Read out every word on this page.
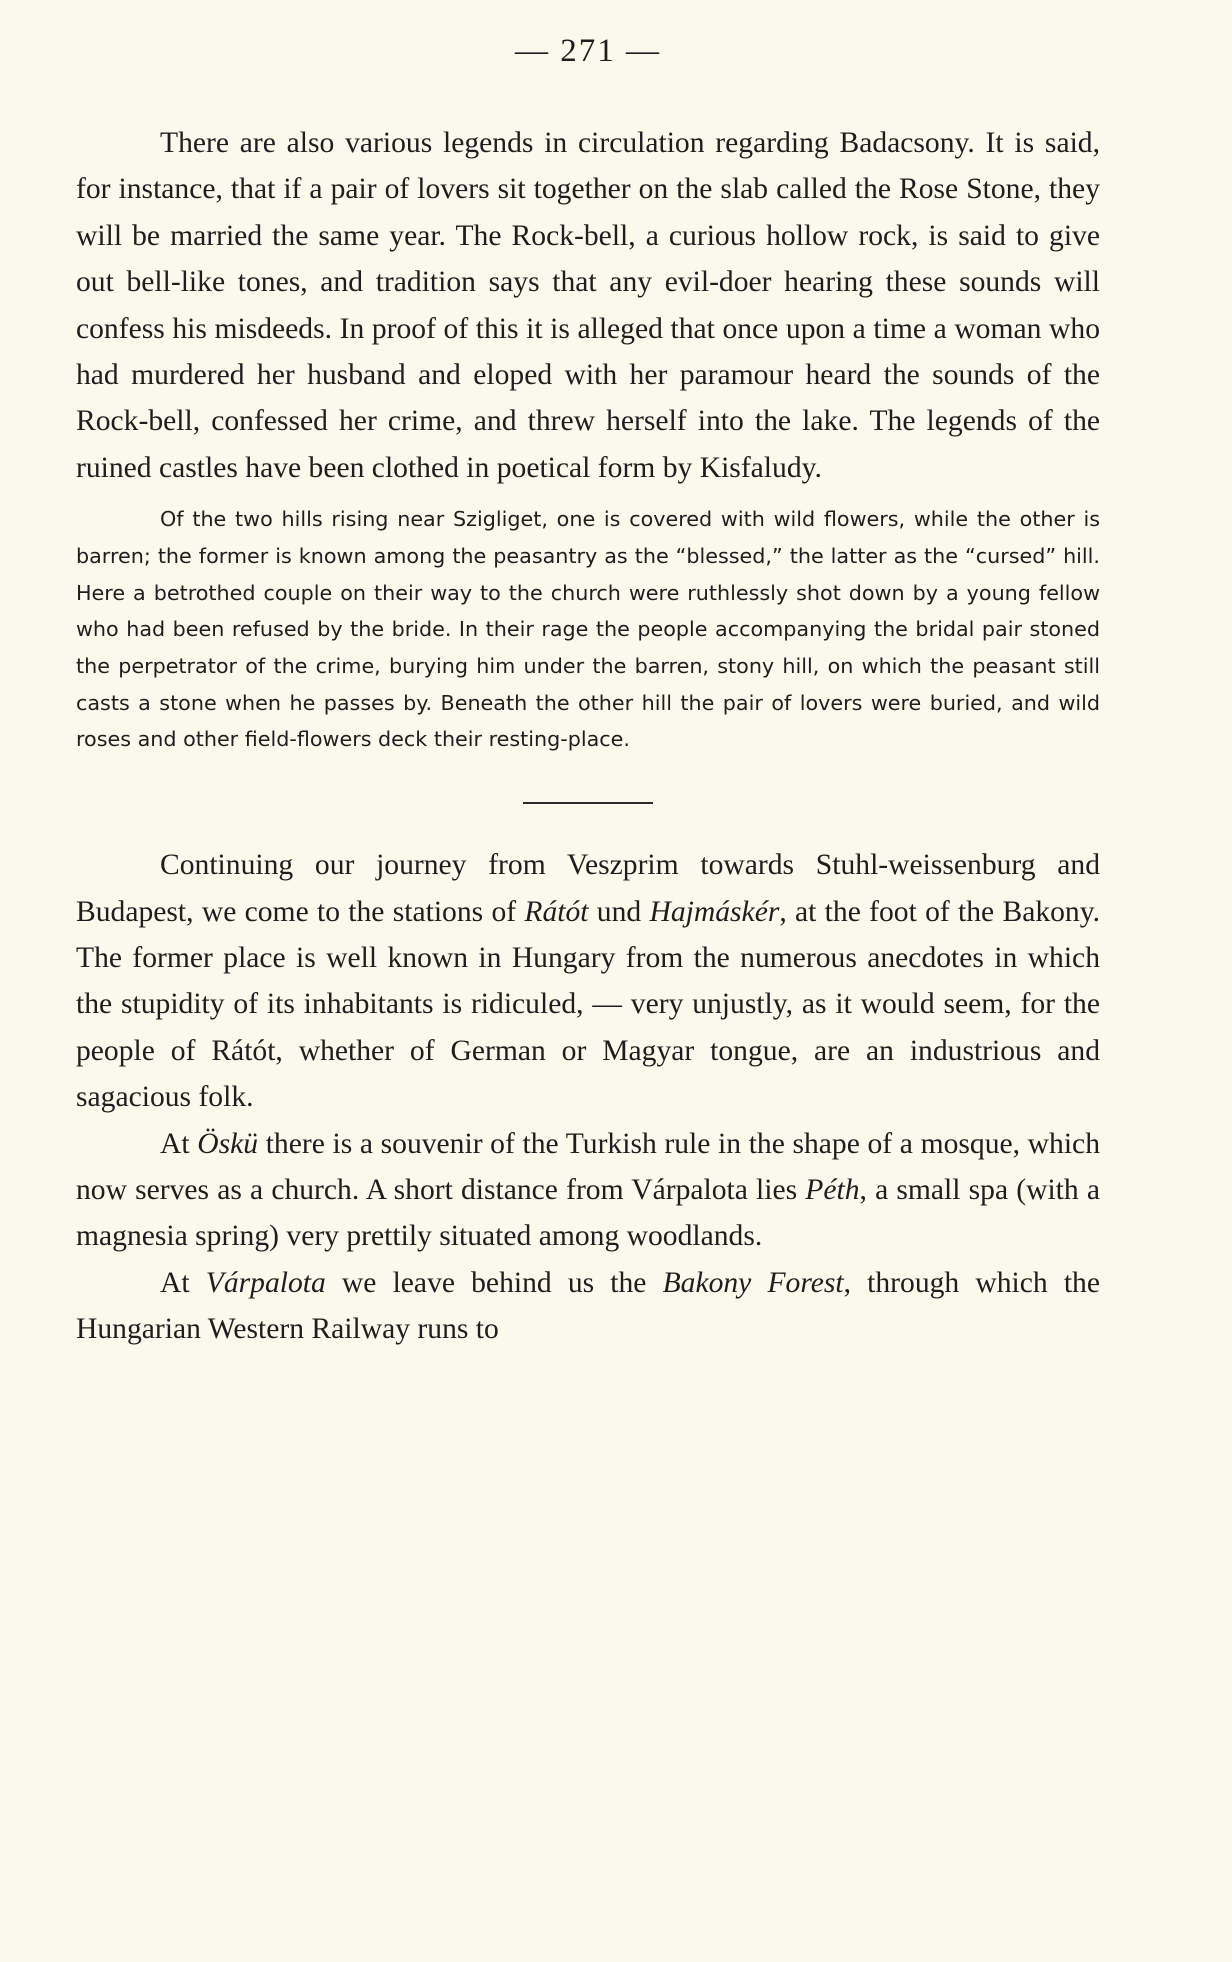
— 271 —

There are also various legends in circulation regarding Badacsony. It is said, for instance, that if a pair of lovers sit together on the slab called the Rose Stone, they will be married the same year. The Rock-bell, a curious hollow rock, is said to give out bell-like tones, and tradition says that any evil-doer hearing these sounds will confess his misdeeds. In proof of this it is alleged that once upon a time a woman who had murdered her husband and eloped with her paramour heard the sounds of the Rock-bell, confessed her crime, and threw herself into the lake. The legends of the ruined castles have been clothed in poetical form by Kisfaludy.

Of the two hills rising near Szigliget, one is covered with wild flowers, while the other is barren; the former is known among the peasantry as the “blessed,” the latter as the “cursed” hill. Here a betrothed couple on their way to the church were ruthlessly shot down by a young fellow who had been refused by the bride. In their rage the people accompanying the bridal pair stoned the perpetrator of the crime, burying him under the barren, stony hill, on which the peasant still casts a stone when he passes by. Beneath the other hill the pair of lovers were buried, and wild roses and other field-flowers deck their resting-place.

Continuing our journey from Veszprim towards Stuhl-weissenburg and Budapest, we come to the stations of Rátót und Hajmáskér, at the foot of the Bakony. The former place is well known in Hungary from the numerous anecdotes in which the stupidity of its inhabitants is ridiculed, — very unjustly, as it would seem, for the people of Rátót, whether of German or Magyar tongue, are an industrious and sagacious folk.

At Öskü there is a souvenir of the Turkish rule in the shape of a mosque, which now serves as a church. A short distance from Várpalota lies Péth, a small spa (with a magnesia spring) very prettily situated among woodlands.

At Várpalota we leave behind us the Bakony Forest, through which the Hungarian Western Railway runs to
